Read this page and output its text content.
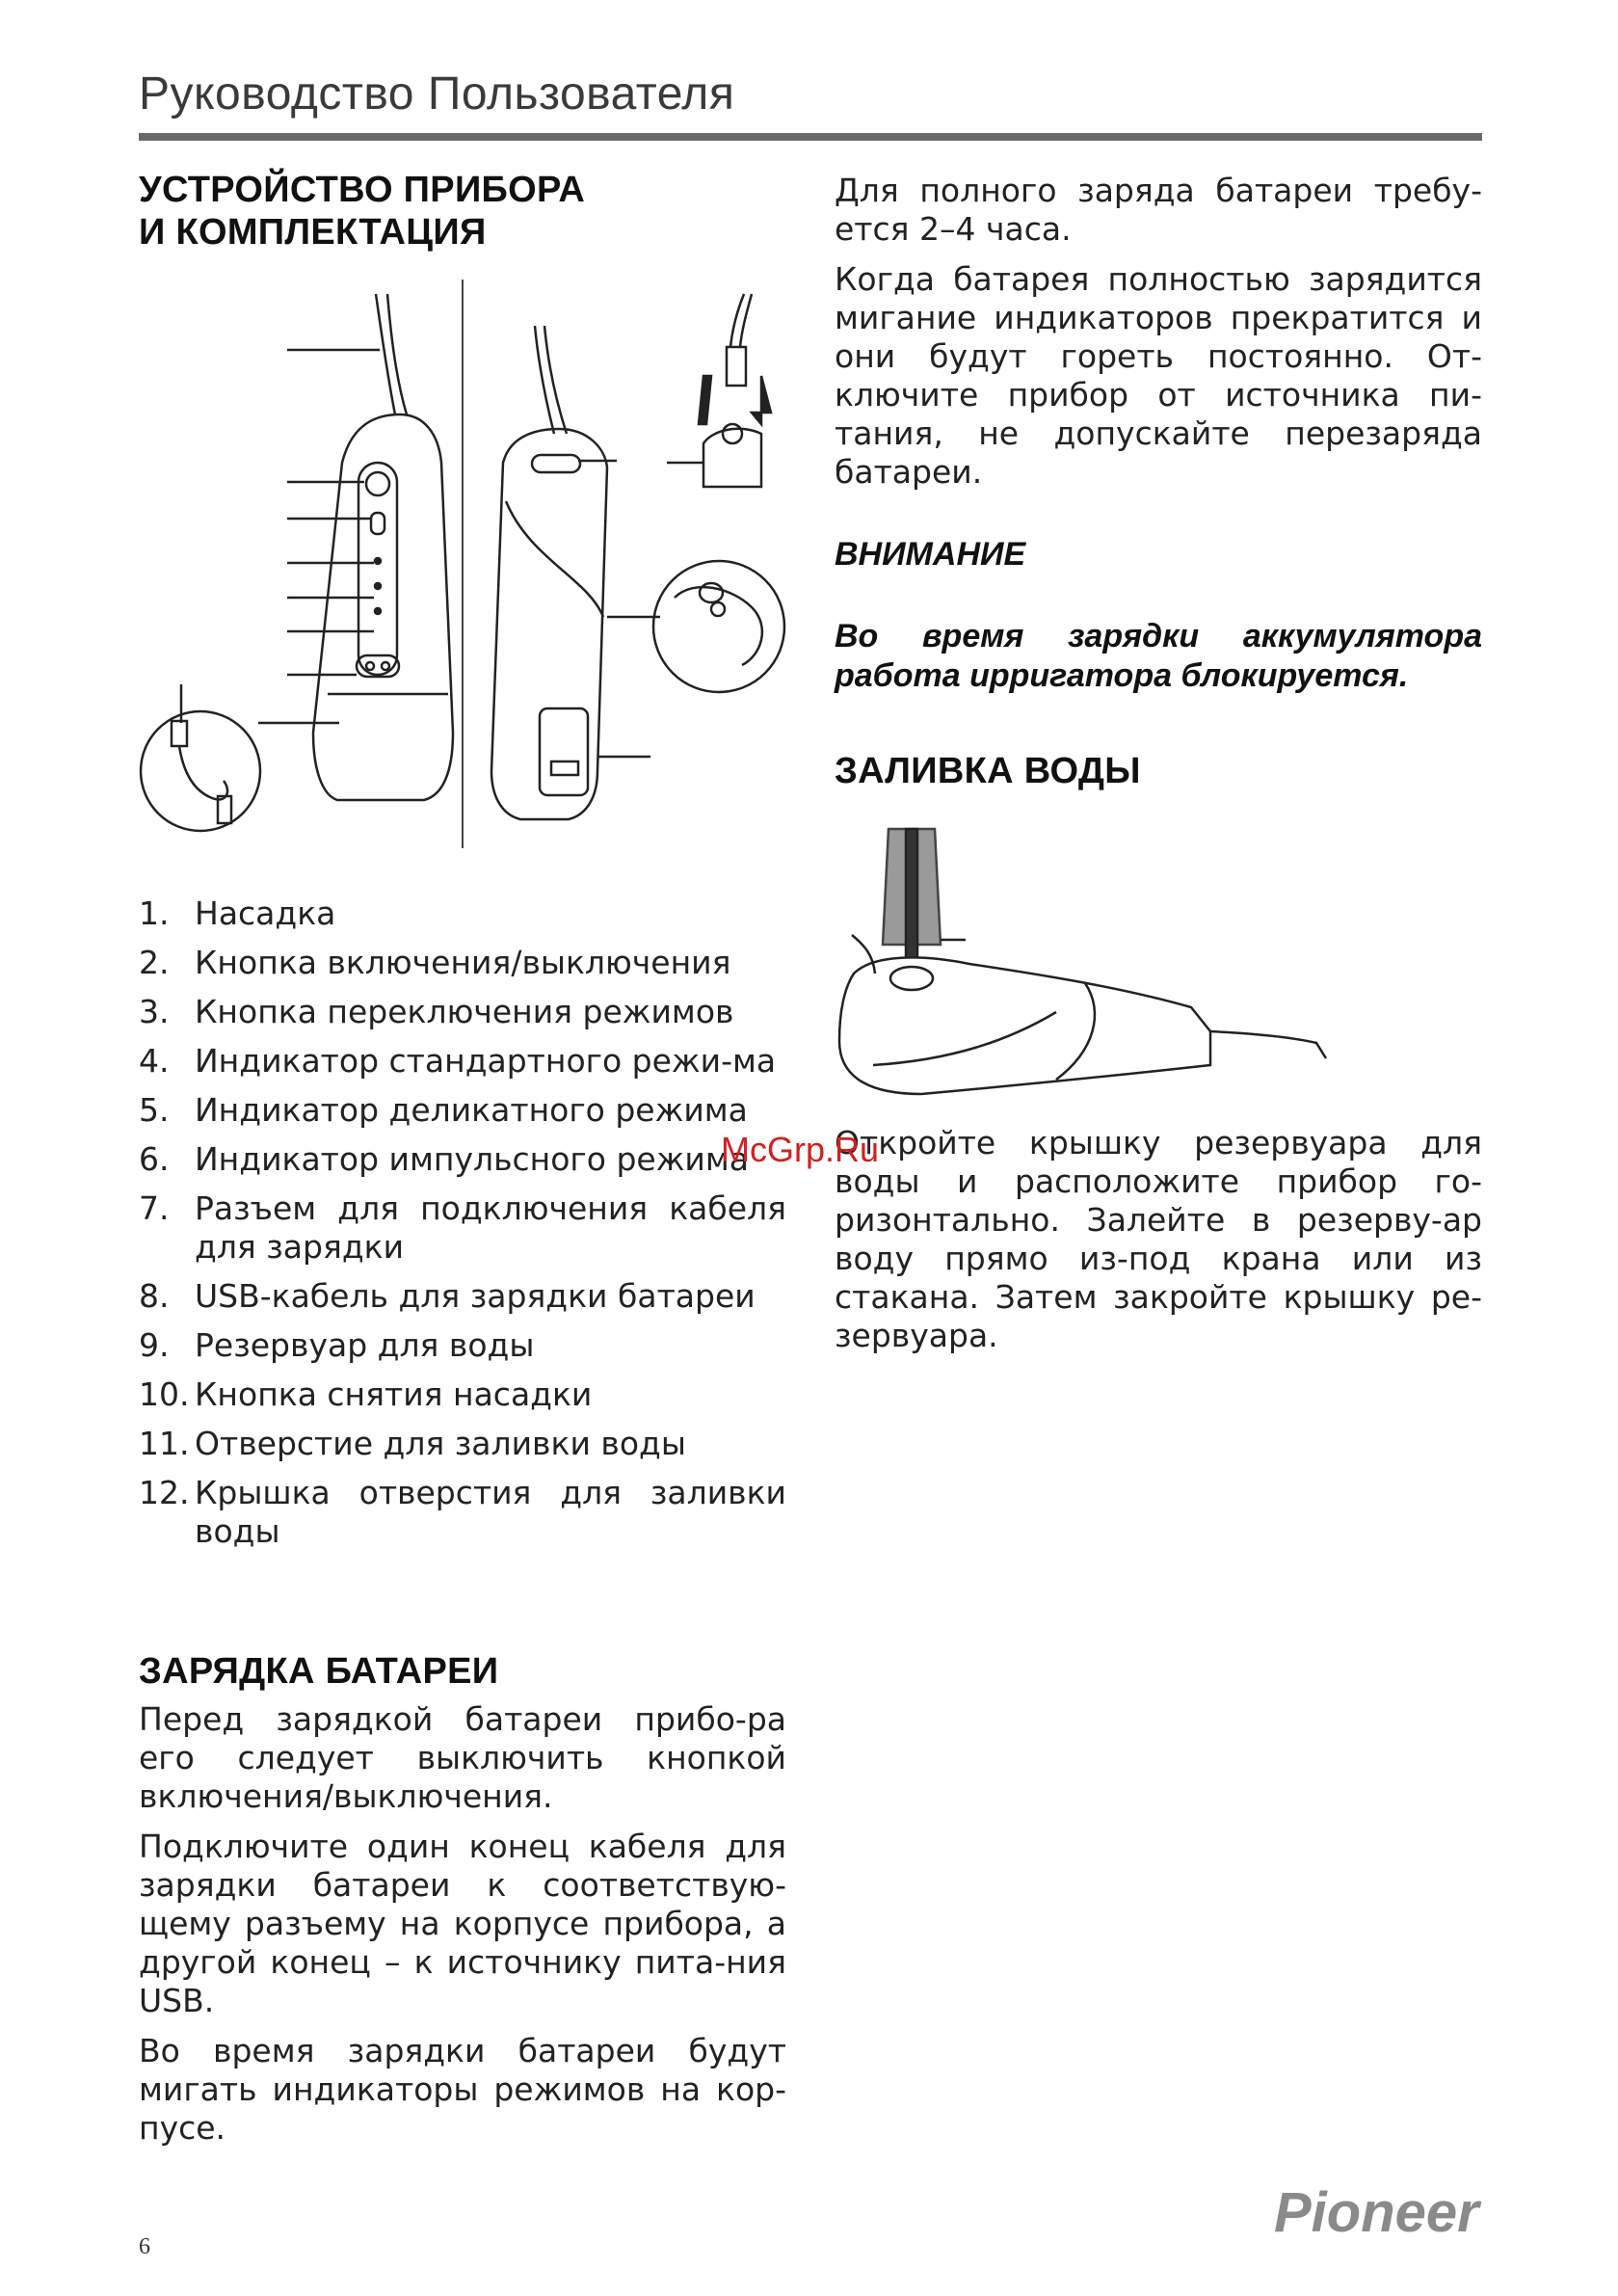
Руководство Пользователя
УСТРОЙСТВО ПРИБОРА
И КОМПЛЕКТАЦИЯ
1. Насадка
2. Кнопка включения/выключения
3. Кнопка переключения режимов
4. Индикатор стандартного режи-ма
5. Индикатор деликатного режима
6. Индикатор импульсного режима
7. Разъем для подключения кабеля для зарядки
8. USB-кабель для зарядки батареи
9. Резервуар для воды
10. Кнопка снятия насадки
11. Отверстие для заливки воды
12. Крышка отверстия для заливки воды
ЗАРЯДКА БАТАРЕИ

Перед зарядкой батареи прибо-ра его следует выключить кнопкой включения/выключения.

Подключите один конец кабеля для зарядки батареи к соответствую-щему разъему на корпусе прибора, а другой конец – к источнику пита-ния USB.

Во время зарядки батареи будут мигать индикаторы режимов на кор-пусе.

Для полного заряда батареи требу-ется 2–4 часа.

Когда батарея полностью зарядится мигание индикаторов прекратится и они будут гореть постоянно. От-ключите прибор от источника пи-тания, не допускайте перезаряда батареи.

ВНИМАНИЕ
Во время зарядки аккумулятора работа ирригатора блокируется.
ЗАЛИВКА ВОДЫ

Откройте крышку резервуара для воды и расположите прибор го-ризонтально. Залейте в резерву-ар воду прямо из-под крана или из стакана. Затем закройте крышку ре-зервуара.

McGrp.Ru
6
Pioneer
